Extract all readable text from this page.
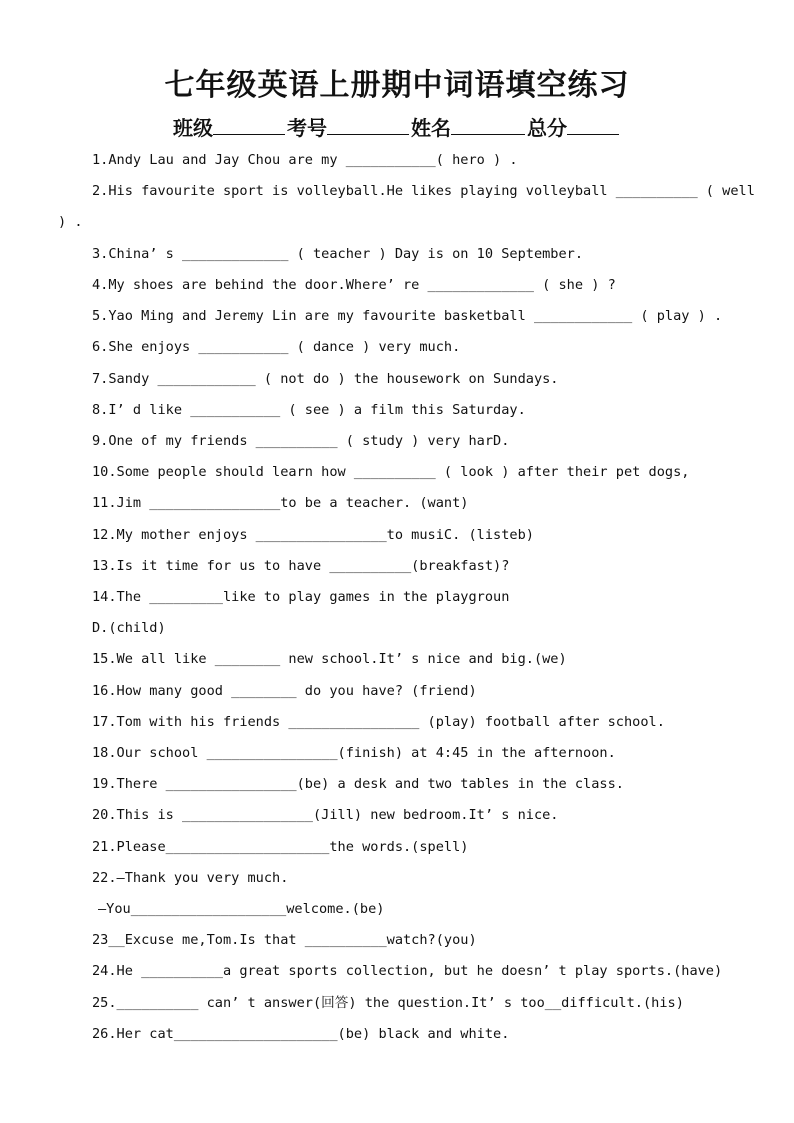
七年级英语上册期中词语填空练习
班级	考号	姓名	总分
1.Andy Lau and Jay Chou are my ___________( hero ) .
2.His favourite sport is volleyball.He likes playing volleyball __________ ( well
) .
3.China’ s _____________ ( teacher ) Day is on 10 September.
4.My shoes are behind the door.Where’ re _____________ ( she ) ?
5.Yao Ming and Jeremy Lin are my favourite basketball ____________ ( play ) .
6.She enjoys ___________ ( dance ) very much.
7.Sandy ____________ ( not do ) the housework on Sundays.
8.I’ d like ___________ ( see ) a film this Saturday.
9.One of my friends __________ ( study ) very harD.
10.Some people should learn how __________ ( look ) after their pet dogs,
11.Jim ________________to be a teacher. (want)
12.My mother enjoys ________________to musiC. (listeb)
13.Is it time for us to have __________(breakfast)?
14.The _________like to play games in the playgroun
D.(child)
15.We all like ________ new school.It’ s nice and big.(we)
16.How many good ________ do you have? (friend)
17.Tom with his friends ________________ (play) football after school.
18.Our school ________________(finish) at 4:45 in the afternoon.
19.There ________________(be) a desk and two tables in the class.
20.This is ________________(Jill) new bedroom.It’ s nice.
21.Please____________________the words.(spell)
22.—Thank you very much.
—You___________________welcome.(be)
23__Excuse me,Tom.Is that __________watch?(you)
24.He __________a great sports collection, but he doesn’ t play sports.(have)
25.__________ can’ t answer(回答) the question.It’ s too__difficult.(his)
26.Her cat____________________(be) black and white.
